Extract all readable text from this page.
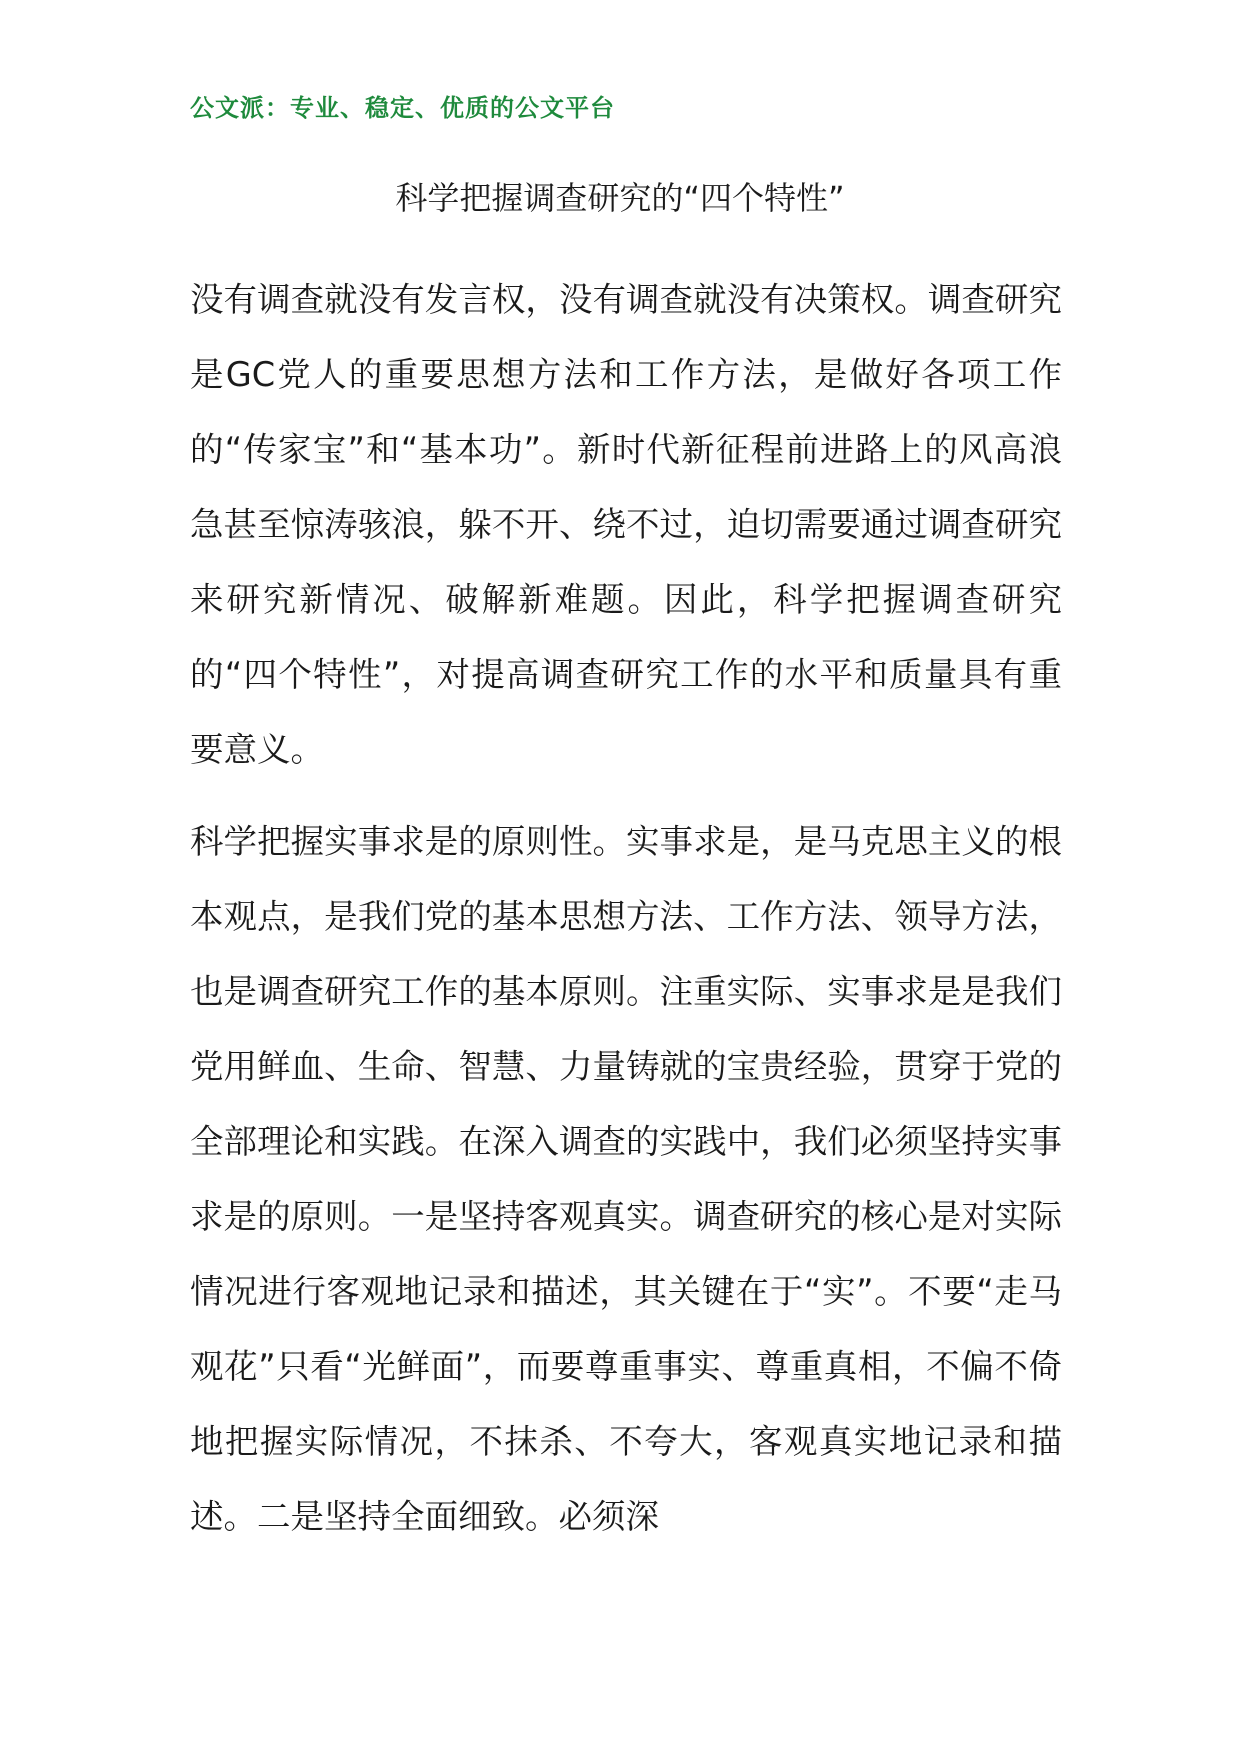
公文派：专业、稳定、优质的公文平台
科学把握调查研究的“四个特性”

没有调查就没有发言权，没有调查就没有决策权。调查研究是GC党人的重要思想方法和工作方法，是做好各项工作的“传家宝”和“基本功”。新时代新征程前进路上的风高浪急甚至惊涛骇浪，躲不开、绕不过，迫切需要通过调查研究来研究新情况、破解新难题。因此，科学把握调查研究的“四个特性”，对提高调查研究工作的水平和质量具有重要意义。

科学把握实事求是的原则性。实事求是，是马克思主义的根本观点，是我们党的基本思想方法、工作方法、领导方法，也是调查研究工作的基本原则。注重实际、实事求是是我们党用鲜血、生命、智慧、力量铸就的宝贵经验，贯穿于党的全部理论和实践。在深入调查的实践中，我们必须坚持实事求是的原则。一是坚持客观真实。调查研究的核心是对实际情况进行客观地记录和描述，其关键在于“实”。不要“走马观花”只看“光鲜面”，而要尊重事实、尊重真相，不偏不倚地把握实际情况，不抹杀、不夸大，客观真实地记录和描述。二是坚持全面细致。必须深
